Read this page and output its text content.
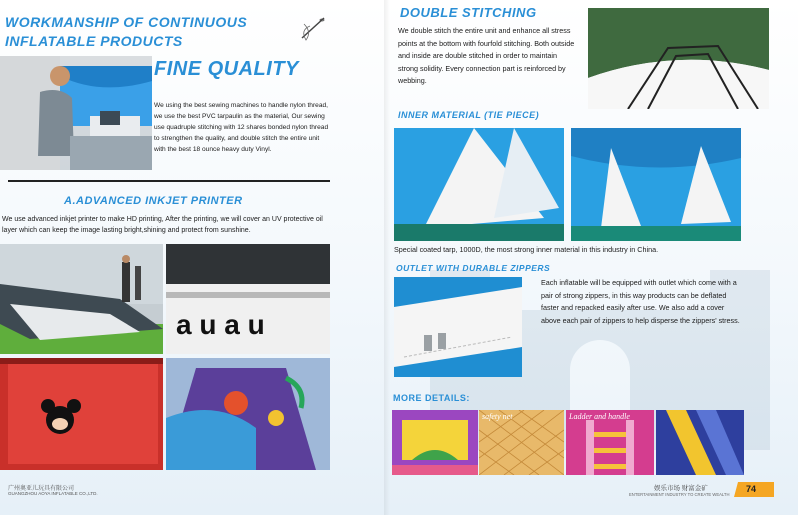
WORKMANSHIP OF CONTINUOUS
INFLATABLE PRODUCTS
FINE QUALITY
We using the best sewing machines to handle nylon thread, we use the best PVC tarpaulin as the material, Our sewing use quadruple stitching with 12 shares bonded nylon thread to strengthen the quality, and double stitch the entire unit with the best 18 ounce heavy duty Vinyl.
A.ADVANCED INKJET PRINTER
We use advanced inkjet printer to make HD printing, After the printing, we will cover an UV protective oil layer which can keep the image lasting bright,shining and protect from sunshine.
a u a u
广州奥亚儿玩具有限公司
GUANGZHOU AOYA INFLATABLE CO.,LTD.
DOUBLE STITCHING
We double stitch the entire unit and enhance all stress points at the bottom with fourfold stitching. Both outside and inside are double stitched in order to maintain strong solidity. Every connection part is reinforced by webbing.
INNER MATERIAL (TIE PIECE)
Special coated tarp, 1000D, the most strong inner material in this industry in China.
OUTLET WITH DURABLE ZIPPERS
Each inflatable will be equipped with outlet which come with a pair of strong zippers, in this way products can be deflated faster and repacked easily after use. We also add a cover above each pair of zippers to help disperse the zippers' stress.
MORE DETAILS:
safety net	Ladder and handle
娱乐市场 财富金矿
ENTERTAINMENT INDUSTRY TO CREATE WEALTH
74
